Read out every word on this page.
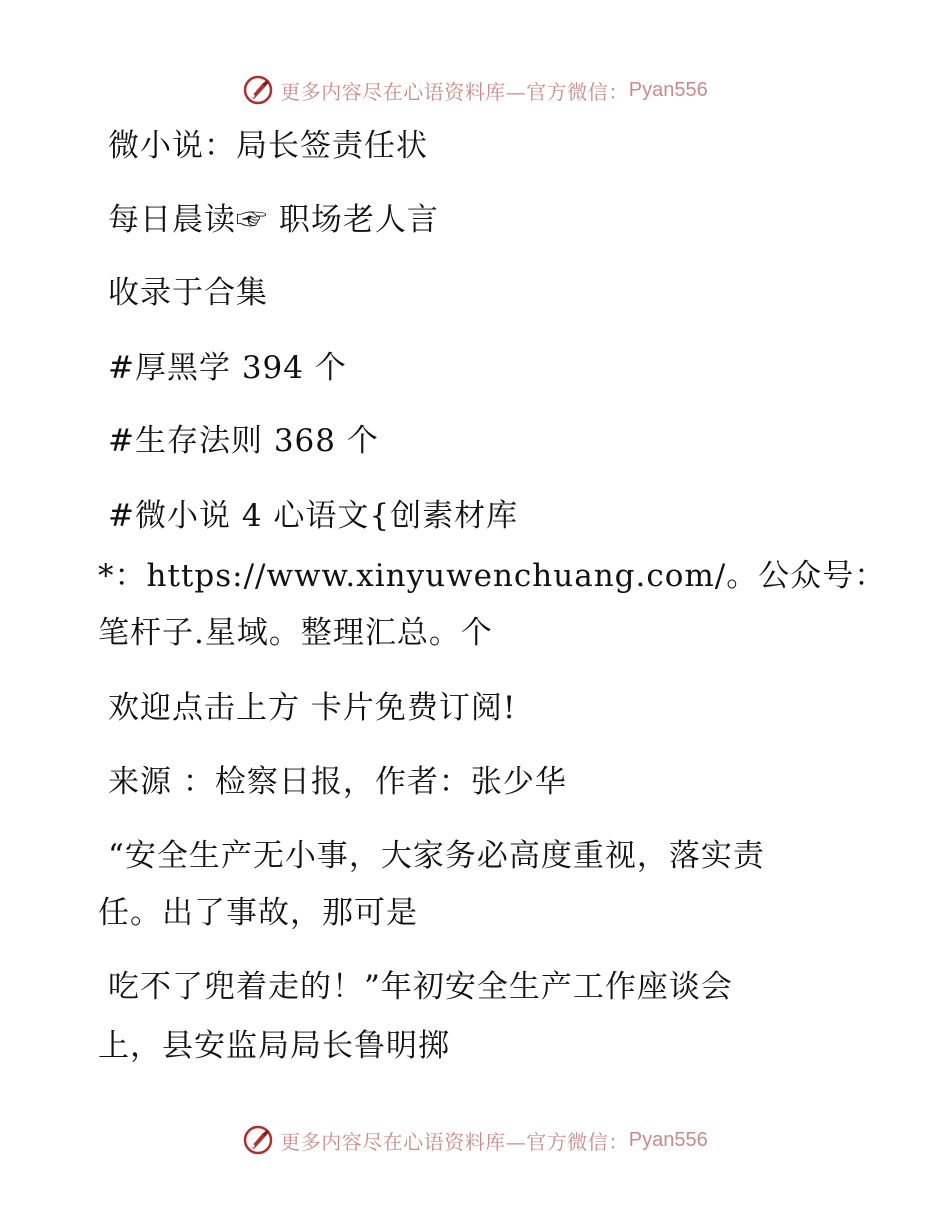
更多内容尽在心语资料库—官方微信： Pyan556
微小说：局长签责任状
每日晨读☞ 职场老人言
收录于合集
#厚黑学 394 个
#生存法则 368 个
#微小说 4 心语文{创素材库
*：https://www.xinyuwenchuang.com/。公众号：
笔杆子.星域。整理汇总。个
欢迎点击上方 卡片免费订阅!
来源 ：检察日报，作者：张少华
“安全生产无小事，大家务必高度重视，落实责
任。出了事故，那可是
吃不了兜着走的！”年初安全生产工作座谈会
上，县安监局局长鲁明掷
更多内容尽在心语资料库—官方微信： Pyan556
